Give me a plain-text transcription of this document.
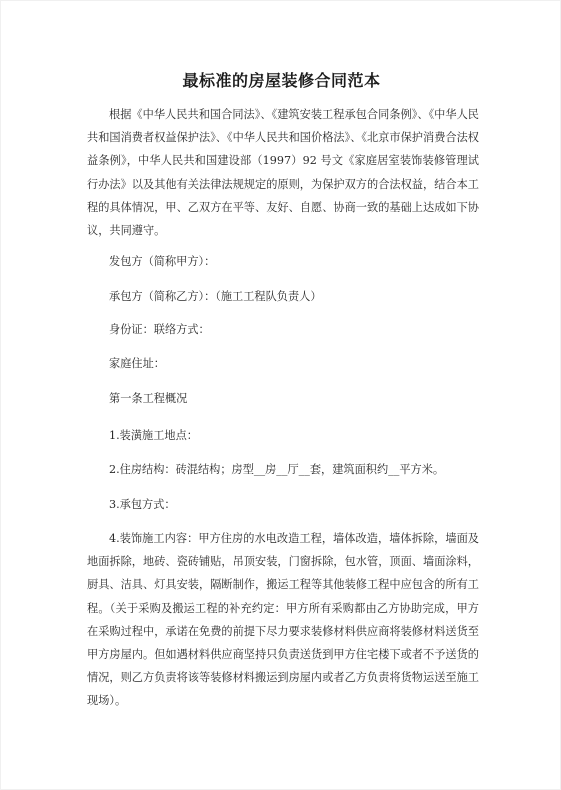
最标准的房屋装修合同范本

根据《中华人民共和国合同法》、《建筑安装工程承包合同条例》、《中华人民共和国消费者权益保护法》、《中华人民共和国价格法》、《北京市保护消费合法权益条例》，中华人民共和国建设部（1997）92 号文《家庭居室装饰装修管理试行办法》以及其他有关法律法规规定的原则，为保护双方的合法权益，结合本工程的具体情况，甲、乙双方在平等、友好、自愿、协商一致的基础上达成如下协议，共同遵守。

发包方（简称甲方）：

承包方（简称乙方）：（施工工程队负责人）

身份证：联络方式：

家庭住址：

第一条工程概况

1.装潢施工地点：

2.住房结构：砖混结构；房型__房__厅__套，建筑面积约__平方米。

3.承包方式：

4.装饰施工内容：甲方住房的水电改造工程，墙体改造，墙体拆除，墙面及地面拆除，地砖、瓷砖铺贴，吊顶安装，门窗拆除，包水管，顶面、墙面涂料，厨具、洁具、灯具安装，隔断制作，搬运工程等其他装修工程中应包含的所有工程。（关于采购及搬运工程的补充约定：甲方所有采购都由乙方协助完成，甲方在采购过程中，承诺在免费的前提下尽力要求装修材料供应商将装修材料送货至甲方房屋内。但如遇材料供应商坚持只负责送货到甲方住宅楼下或者不予送货的情况，则乙方负责将该等装修材料搬运到房屋内或者乙方负责将货物运送至施工现场）。
